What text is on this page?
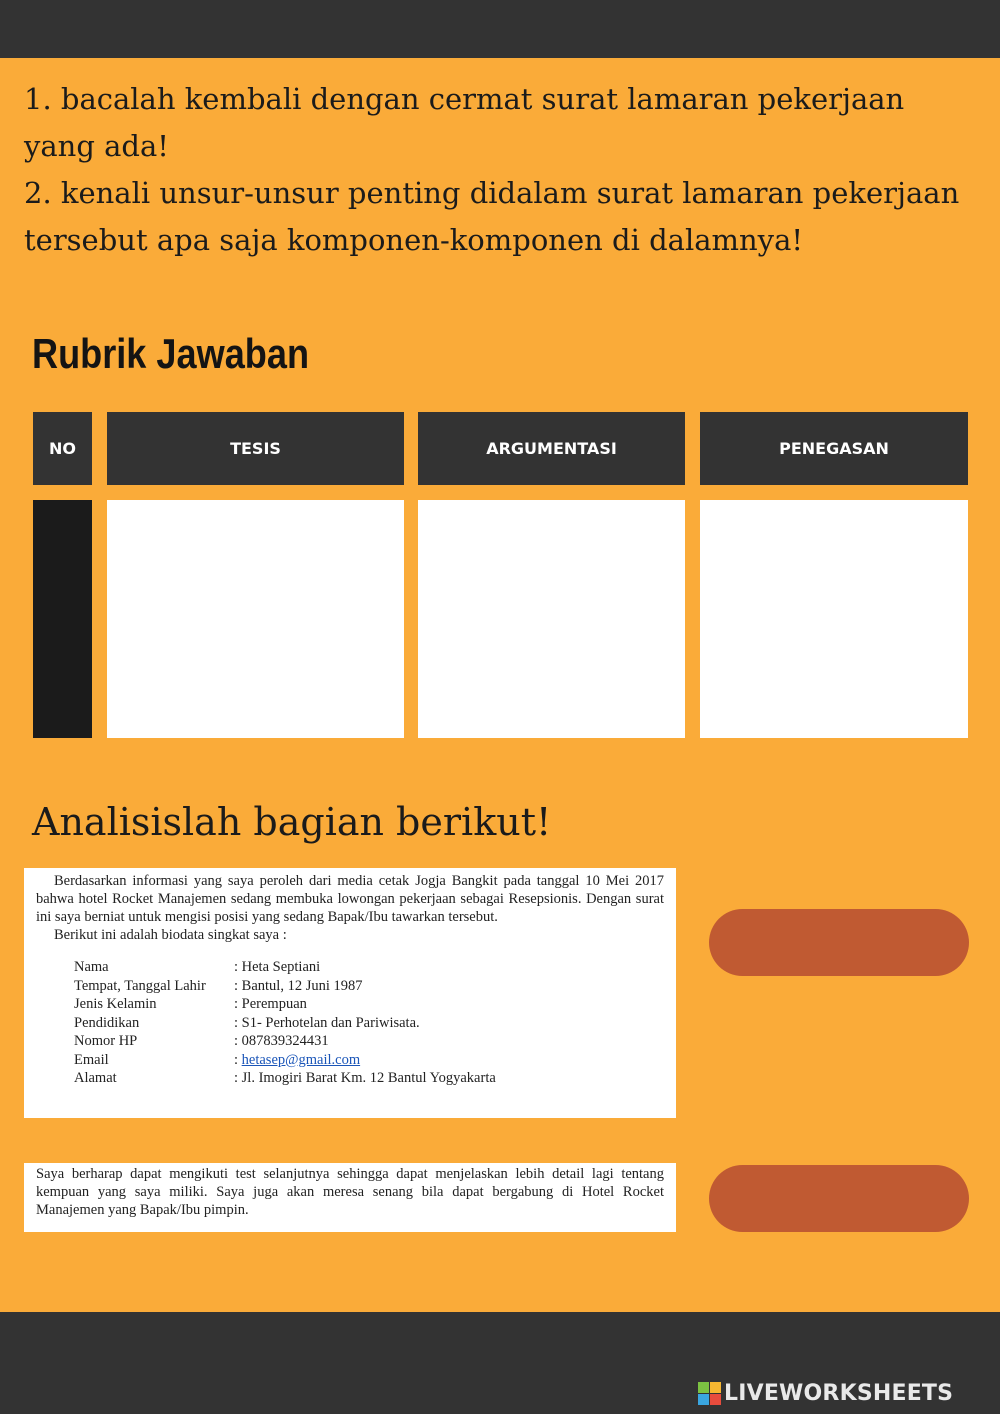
1. bacalah kembali dengan cermat surat lamaran pekerjaan yang ada!

2. kenali unsur-unsur penting didalam surat lamaran pekerjaan tersebut apa saja komponen-komponen di dalamnya!

Rubrik Jawaban
NO	TESIS	ARGUMENTASI	PENEGASAN
Analisislah bagian berikut!

Berdasarkan informasi yang saya peroleh dari media cetak Jogja Bangkit pada tanggal 10 Mei 2017 bahwa hotel Rocket Manajemen sedang membuka lowongan pekerjaan sebagai Resepsionis. Dengan surat ini saya berniat untuk mengisi posisi yang sedang Bapak/Ibu tawarkan tersebut.

Berikut ini adalah biodata singkat saya :

Nama	: Heta Septiani
Tempat, Tanggal Lahir	: Bantul, 12 Juni 1987
Jenis Kelamin	: Perempuan
Pendidikan	: S1- Perhotelan dan Pariwisata.
Nomor HP	: 087839324431
Email	: hetasep@gmail.com
Alamat	: Jl. Imogiri Barat Km. 12 Bantul Yogyakarta

Saya berharap dapat mengikuti test selanjutnya sehingga dapat menjelaskan lebih detail lagi tentang kempuan yang saya miliki. Saya juga akan meresa senang bila dapat bergabung di Hotel Rocket Manajemen yang Bapak/Ibu pimpin.

LIVEWORKSHEETS
